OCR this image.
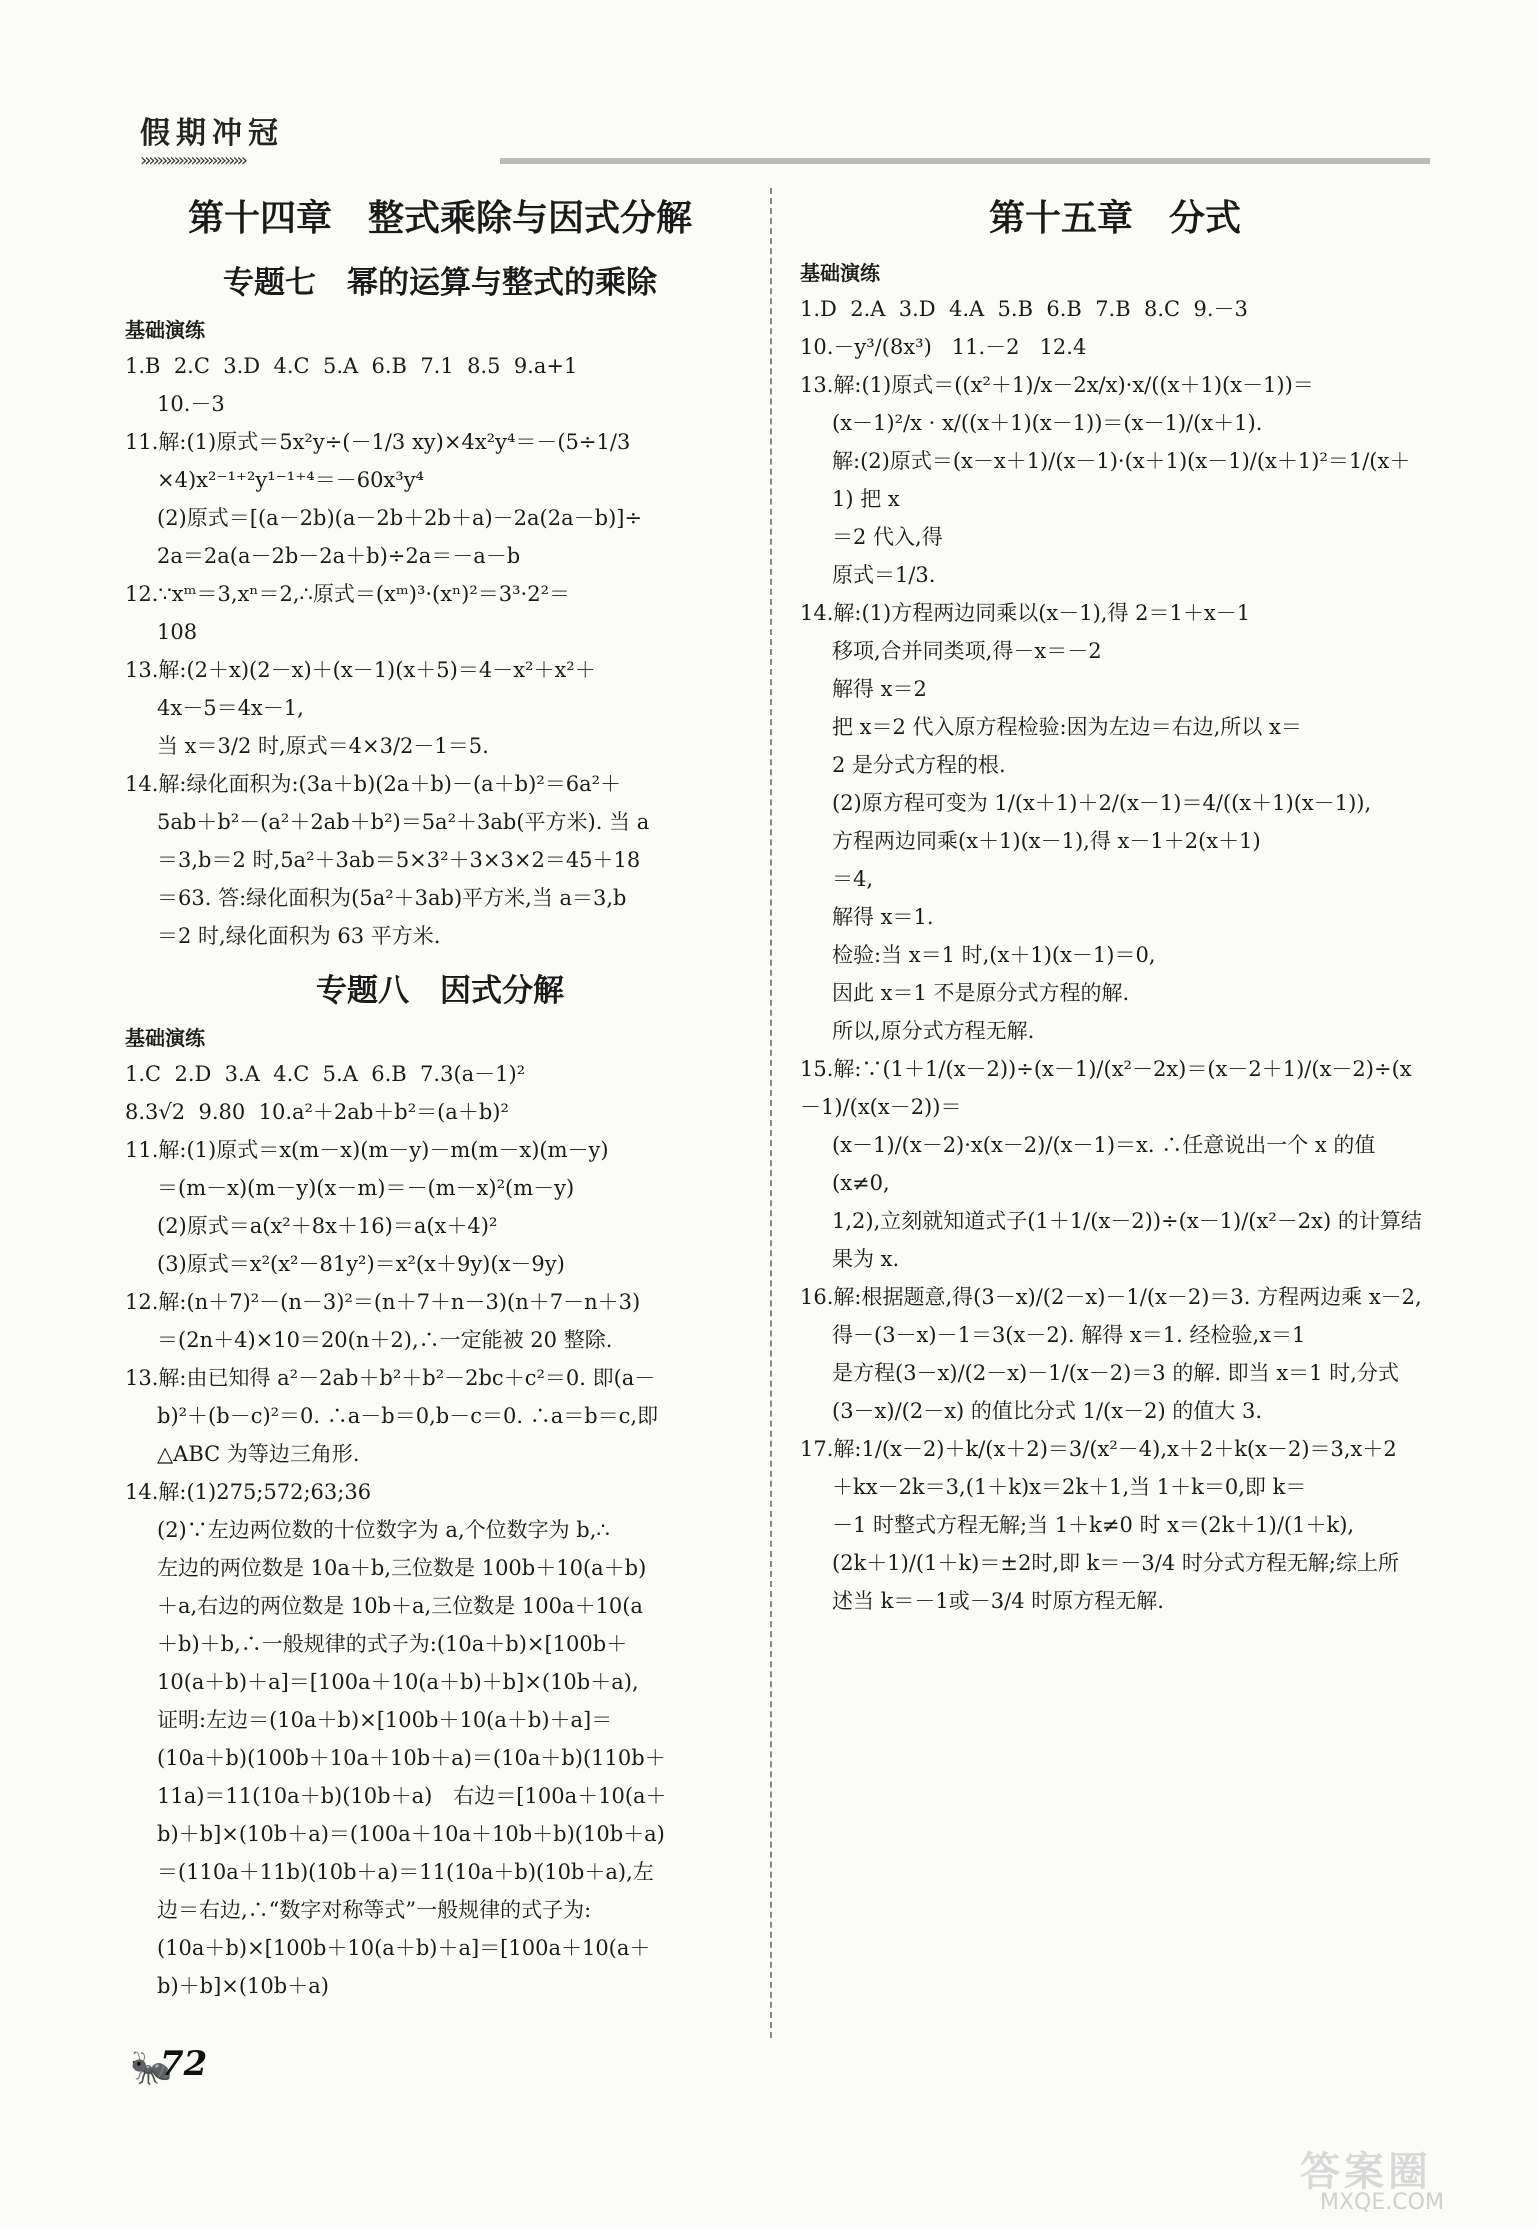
假期冲冠
›››››››››››››››››››››››››
第十四章　整式乘除与因式分解
专题七　幂的运算与整式的乘除
基础演练
1.B  2.C  3.D  4.C  5.A  6.B  7.1  8.5  9.a+1
10.－3
11.解:(1)原式＝5x²y÷(－1/3 xy)×4x²y⁴＝－(5÷1/3
×4)x²⁻¹⁺²y¹⁻¹⁺⁴＝－60x³y⁴
(2)原式＝[(a－2b)(a－2b＋2b＋a)－2a(2a－b)]÷
2a＝2a(a－2b－2a＋b)÷2a＝－a－b
12.∵xᵐ＝3,xⁿ＝2,∴原式＝(xᵐ)³·(xⁿ)²＝3³·2²＝
108
13.解:(2＋x)(2－x)＋(x－1)(x＋5)＝4－x²＋x²＋
4x－5＝4x－1,
当 x＝3/2 时,原式＝4×3/2－1＝5.
14.解:绿化面积为:(3a＋b)(2a＋b)－(a＋b)²＝6a²＋
5ab＋b²－(a²＋2ab＋b²)＝5a²＋3ab(平方米). 当 a
＝3,b＝2 时,5a²＋3ab＝5×3²＋3×3×2＝45＋18
＝63. 答:绿化面积为(5a²＋3ab)平方米,当 a＝3,b
＝2 时,绿化面积为 63 平方米.
专题八　因式分解
基础演练
1.C  2.D  3.A  4.C  5.A  6.B  7.3(a－1)²
8.3√2  9.80  10.a²＋2ab＋b²＝(a＋b)²
11.解:(1)原式＝x(m－x)(m－y)－m(m－x)(m－y)
＝(m－x)(m－y)(x－m)＝－(m－x)²(m－y)
(2)原式＝a(x²＋8x＋16)＝a(x＋4)²
(3)原式＝x²(x²－81y²)＝x²(x＋9y)(x－9y)
12.解:(n＋7)²－(n－3)²＝(n＋7＋n－3)(n＋7－n＋3)
＝(2n＋4)×10＝20(n＋2),∴一定能被 20 整除.
13.解:由已知得 a²－2ab＋b²＋b²－2bc＋c²＝0. 即(a－
b)²＋(b－c)²＝0. ∴a－b＝0,b－c＝0. ∴a＝b＝c,即
△ABC 为等边三角形.
14.解:(1)275;572;63;36
(2)∵左边两位数的十位数字为 a,个位数字为 b,∴
左边的两位数是 10a＋b,三位数是 100b＋10(a＋b)
＋a,右边的两位数是 10b＋a,三位数是 100a＋10(a
＋b)＋b,∴一般规律的式子为:(10a＋b)×[100b＋
10(a＋b)＋a]＝[100a＋10(a＋b)＋b]×(10b＋a),
证明:左边＝(10a＋b)×[100b＋10(a＋b)＋a]＝
(10a＋b)(100b＋10a＋10b＋a)＝(10a＋b)(110b＋
11a)＝11(10a＋b)(10b＋a)　右边＝[100a＋10(a＋
b)＋b]×(10b＋a)＝(100a＋10a＋10b＋b)(10b＋a)
＝(110a＋11b)(10b＋a)＝11(10a＋b)(10b＋a),左
边＝右边,∴“数字对称等式”一般规律的式子为:
(10a＋b)×[100b＋10(a＋b)＋a]＝[100a＋10(a＋
b)＋b]×(10b＋a)
第十五章　分式
基础演练
1.D  2.A  3.D  4.A  5.B  6.B  7.B  8.C  9.－3
10.－y³/(8x³)   11.－2   12.4
13.解:(1)原式＝((x²＋1)/x－2x/x)·x/((x＋1)(x－1))＝
(x－1)²/x · x/((x＋1)(x－1))＝(x－1)/(x＋1).
解:(2)原式＝(x－x＋1)/(x－1)·(x＋1)(x－1)/(x＋1)²＝1/(x＋1) 把 x
＝2 代入,得
原式＝1/3.
14.解:(1)方程两边同乘以(x－1),得 2＝1＋x－1
移项,合并同类项,得－x＝－2
解得 x＝2
把 x＝2 代入原方程检验:因为左边＝右边,所以 x＝
2 是分式方程的根.
(2)原方程可变为 1/(x＋1)＋2/(x－1)＝4/((x＋1)(x－1)),
方程两边同乘(x＋1)(x－1),得 x－1＋2(x＋1)
＝4,
解得 x＝1.
检验:当 x＝1 时,(x＋1)(x－1)＝0,
因此 x＝1 不是原分式方程的解.
所以,原分式方程无解.
15.解:∵(1＋1/(x－2))÷(x－1)/(x²－2x)＝(x－2＋1)/(x－2)÷(x－1)/(x(x－2))＝
(x－1)/(x－2)·x(x－2)/(x－1)＝x. ∴任意说出一个 x 的值(x≠0,
1,2),立刻就知道式子(1＋1/(x－2))÷(x－1)/(x²－2x) 的计算结
果为 x.
16.解:根据题意,得(3－x)/(2－x)－1/(x－2)＝3. 方程两边乘 x－2,
得－(3－x)－1＝3(x－2). 解得 x＝1. 经检验,x＝1
是方程(3－x)/(2－x)－1/(x－2)＝3 的解. 即当 x＝1 时,分式
(3－x)/(2－x) 的值比分式 1/(x－2) 的值大 3.
17.解:1/(x－2)＋k/(x＋2)＝3/(x²－4),x＋2＋k(x－2)＝3,x＋2
＋kx－2k＝3,(1＋k)x＝2k＋1,当 1＋k＝0,即 k＝
－1 时整式方程无解;当 1＋k≠0 时 x＝(2k＋1)/(1＋k),
(2k＋1)/(1＋k)＝±2时,即 k＝－3/4 时分式方程无解;综上所
述当 k＝－1或－3/4 时原方程无解.
🐜
72
答案圈
MXQE.COM
